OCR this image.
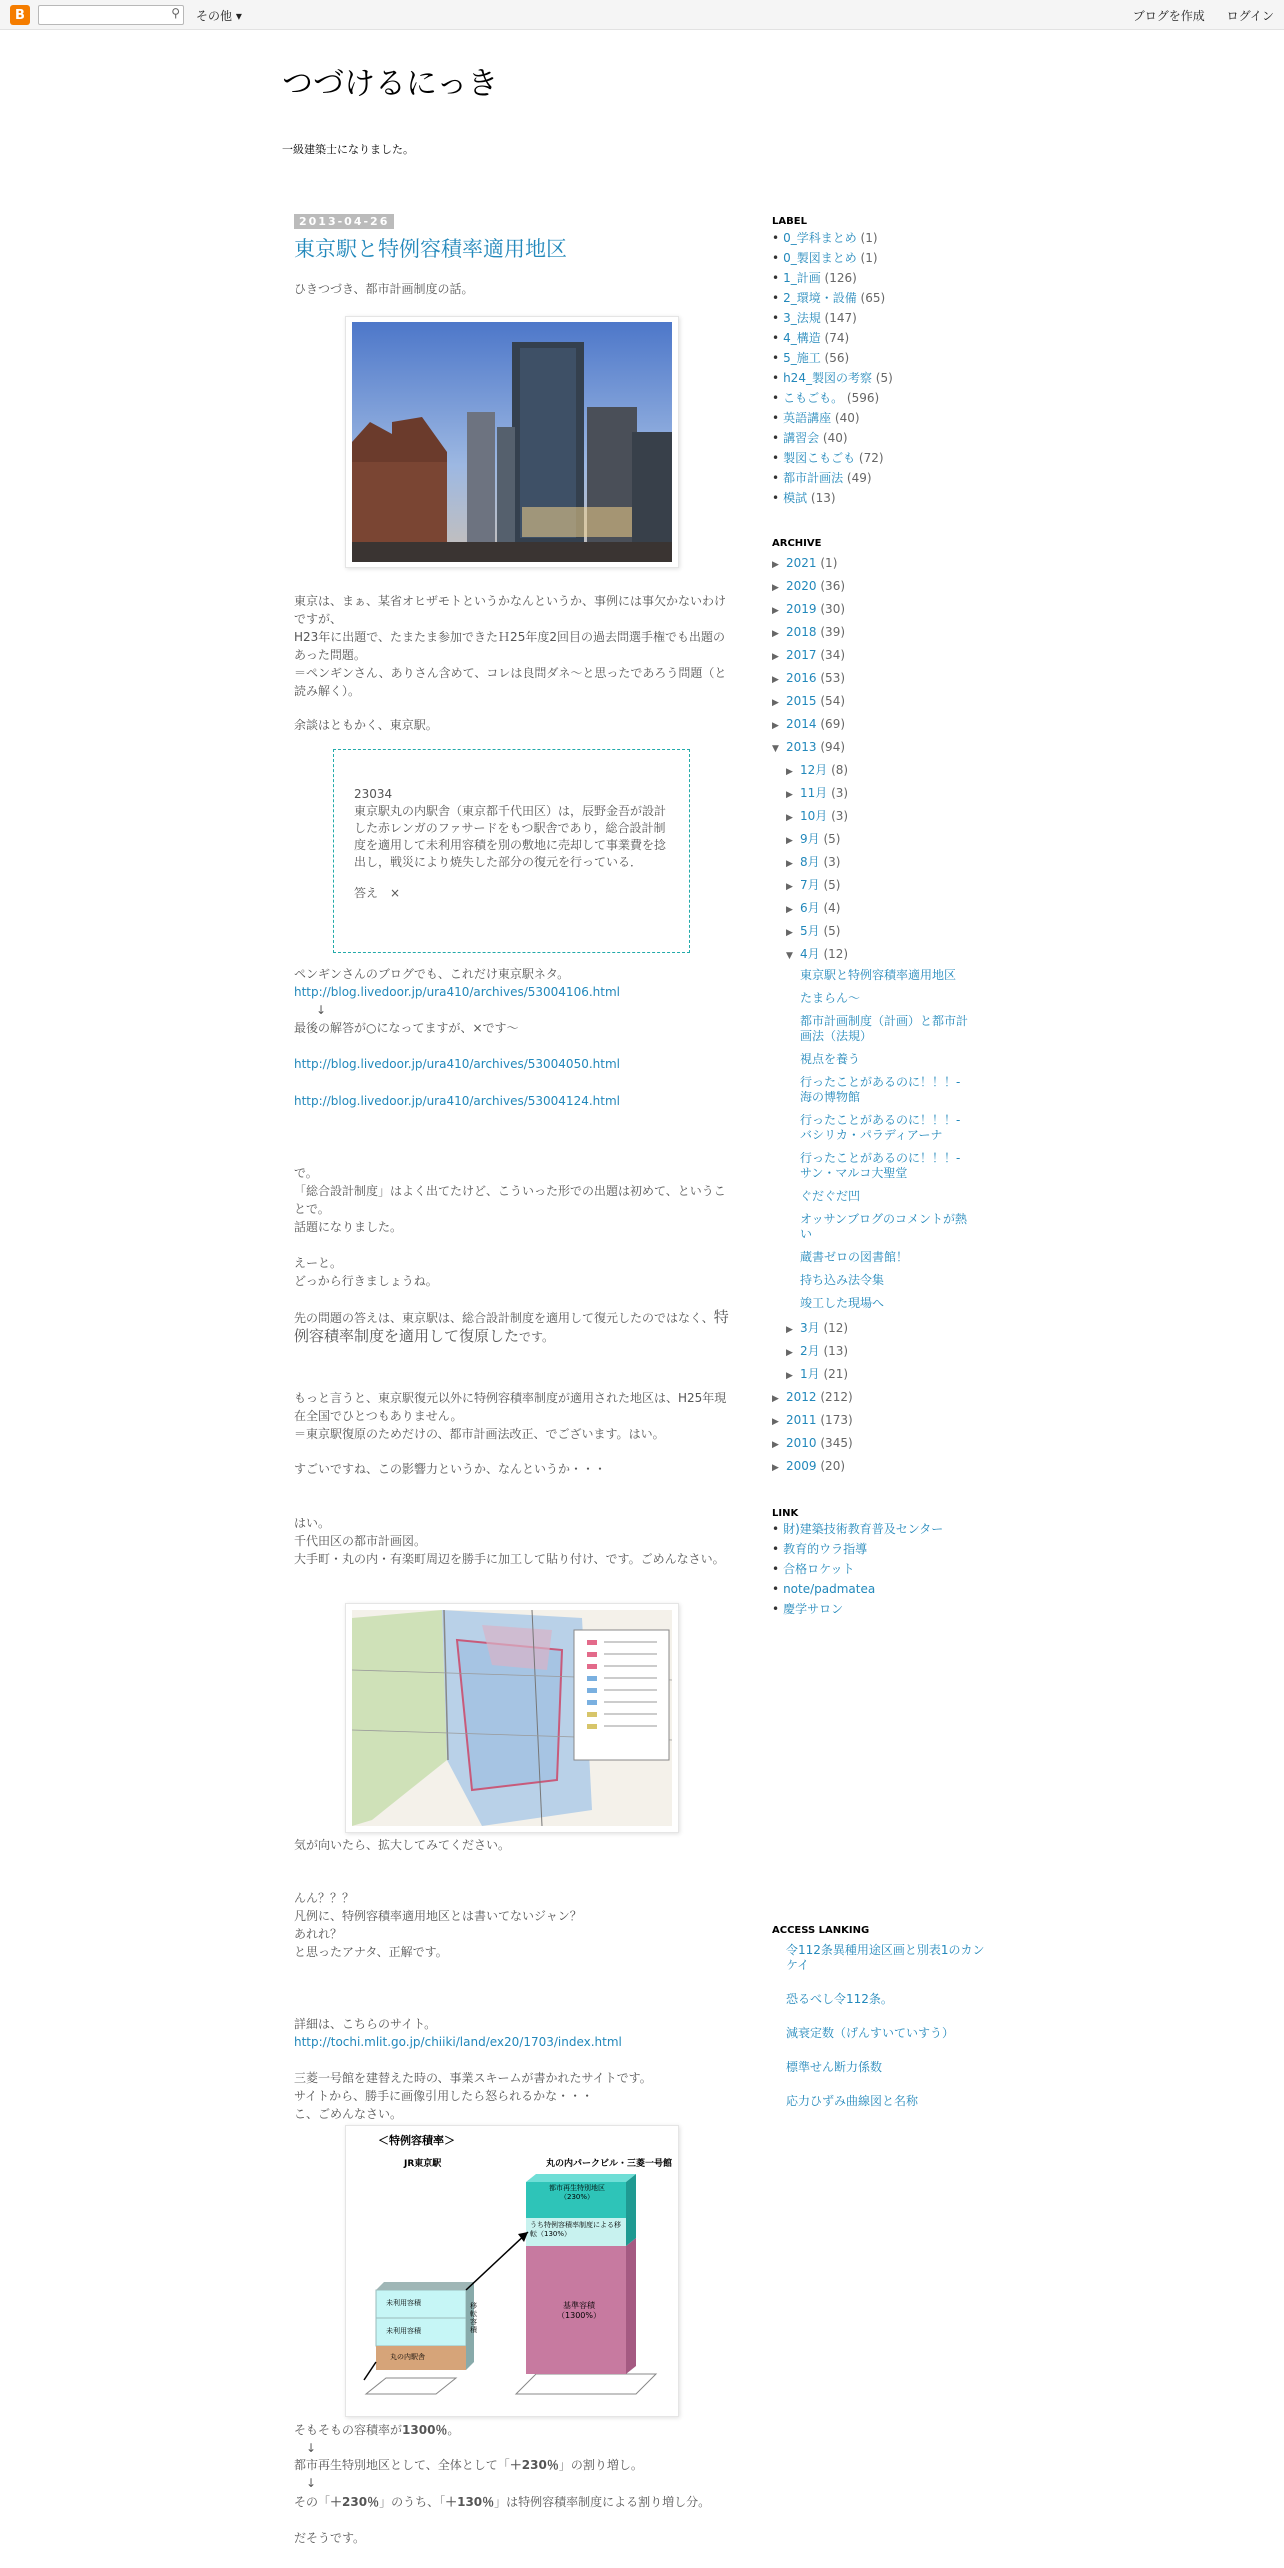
B	⚲ その他 ▾	ブログを作成 ログイン
つづけるにっき
一級建築士になりました。
2013-04-26
東京駅と特例容積率適用地区
ひきつづき、都市計画制度の話。

東京は、まぁ、某省オヒザモトというかなんというか、事例には事欠かないわけですが、

H23年に出題で、たまたま参加できたＨ25年度2回目の過去問選手権でも出題のあった問題。

＝ペンギンさん、ありさん含めて、コレは良問ダネ～と思ったであろう問題（と読み解く）。

余談はともかく、東京駅。
23034
東京駅丸の内駅舎（東京都千代田区）は，辰野金吾が設計した赤レンガのファサードをもつ駅舎であり，総合設計制度を適用して未利用容積を別の敷地に売却して事業費を捻出し，戦災により焼失した部分の復元を行っている．
答え　×

ペンギンさんのブログでも、これだけ東京駅ネタ。

http://blog.livedoor.jp/ura410/archives/53004106.html

↓

最後の解答が○になってますが、×です～

http://blog.livedoor.jp/ura410/archives/53004050.html
http://blog.livedoor.jp/ura410/archives/53004124.html

で。

「総合設計制度」はよく出てたけど、こういった形での出題は初めて、ということで。

話題になりました。

えーと。

どっから行きましょうね。

先の問題の答えは、東京駅は、総合設計制度を適用して復元したのではなく、特例容積率制度を適用して復原したです。

もっと言うと、東京駅復元以外に特例容積率制度が適用された地区は、H25年現在全国でひとつもありません。

＝東京駅復原のためだけの、都市計画法改正、でございます。はい。

すごいですね、この影響力というか、なんというか・・・

はい。

千代田区の都市計画図。

大手町・丸の内・有楽町周辺を勝手に加工して貼り付け、です。ごめんなさい。

気が向いたら、拡大してみてください。

んん？？？

凡例に、特例容積率適用地区とは書いてないジャン？

あれれ？

と思ったアナタ、正解です。

詳細は、こちらのサイト。

http://tochi.mlit.go.jp/chiiki/land/ex20/1703/index.html

三菱一号館を建替えた時の、事業スキームが書かれたサイトです。

サイトから、勝手に画像引用したら怒られるかな・・・

こ、ごめんなさい。

＜特例容積率＞
JR東京駅	丸の内パークビル・三菱一号館
都市再生特別地区
（230%）
うち特例容積率制度による移転（130%）
基準容積
（1300%）
未利用容積
未利用容積
丸の内駅舎
移転容積
そもそもの容積率が1300％。

↓

都市再生特別地区として、全体として「＋230％」の割り増し。

↓

その「＋230％」のうち、「＋130％」は特例容積率制度による割り増し分。
だそうです。
LABEL
• 0_学科まとめ (1)
• 0_製図まとめ (1)
• 1_計画 (126)
• 2_環境・設備 (65)
• 3_法規 (147)
• 4_構造 (74)
• 5_施工 (56)
• h24_製図の考察 (5)
• こもごも。 (596)
• 英語講座 (40)
• 講習会 (40)
• 製図こもごも (72)
• 都市計画法 (49)
• 模試 (13)
ARCHIVE
▶ 2021 (1)
▶ 2020 (36)
▶ 2019 (30)
▶ 2018 (39)
▶ 2017 (34)
▶ 2016 (53)
▶ 2015 (54)
▶ 2014 (69)
▼ 2013 (94)
▶ 12月 (8)
▶ 11月 (3)
▶ 10月 (3)
▶ 9月 (5)
▶ 8月 (3)
▶ 7月 (5)
▶ 6月 (4)
▶ 5月 (5)
▼ 4月 (12)
東京駅と特例容積率適用地区
たまらん～
都市計画制度（計画）と都市計画法（法規）
視点を養う
行ったことがあるのに！！！- 海の博物館
行ったことがあるのに！！！- バシリカ・パラディアーナ
行ったことがあるのに！！！- サン・マルコ大聖堂
ぐだぐだ凹
オッサンブログのコメントが熱い
蔵書ゼロの図書館！
持ち込み法令集
竣工した現場へ
▶ 3月 (12)
▶ 2月 (13)
▶ 1月 (21)
▶ 2012 (212)
▶ 2011 (173)
▶ 2010 (345)
▶ 2009 (20)
LINK
• 財)建築技術教育普及センター
• 教育的ウラ指導
• 合格ロケット
• note/padmatea
• 慶学サロン
ACCESS LANKING
令112条異種用途区画と別表1のカンケイ
恐るべし令112条。
減衰定数（げんすいていすう）
標準せん断力係数
応力ひずみ曲線図と名称
